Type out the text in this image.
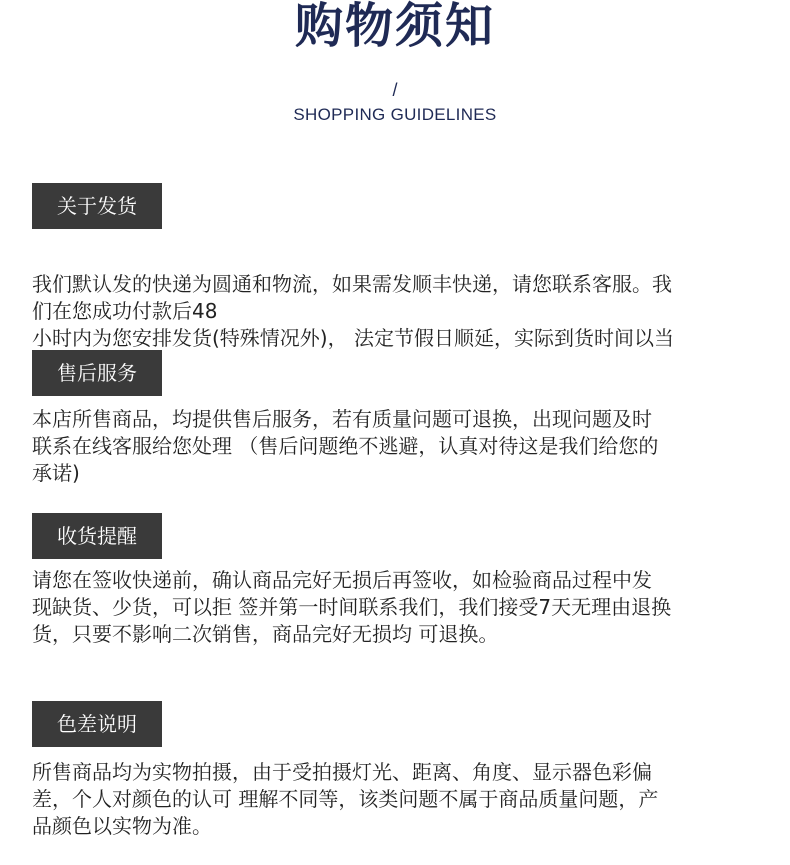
购物须知
/
SHOPPING GUIDELINES
关于发货
我们默认发的快递为圆通和物流，如果需发顺丰快递，请您联系客服。我
们在您成功付款后48
小时内为您安排发货(特殊情况外)， 法定节假日顺延，实际到货时间以当
售后服务
本店所售商品，均提供售后服务，若有质量问题可退换，出现问题及时
联系在线客服给您处理 （售后问题绝不逃避，认真对待这是我们给您的
承诺)
收货提醒
请您在签收快递前，确认商品完好无损后再签收，如检验商品过程中发
现缺货、少货，可以拒 签并第一时间联系我们，我们接受7天无理由退换
货，只要不影响二次销售，商品完好无损均 可退换。
色差说明
所售商品均为实物拍摄，由于受拍摄灯光、距离、角度、显示器色彩偏
差，个人对颜色的认可 理解不同等，该类问题不属于商品质量问题，产
品颜色以实物为准。
